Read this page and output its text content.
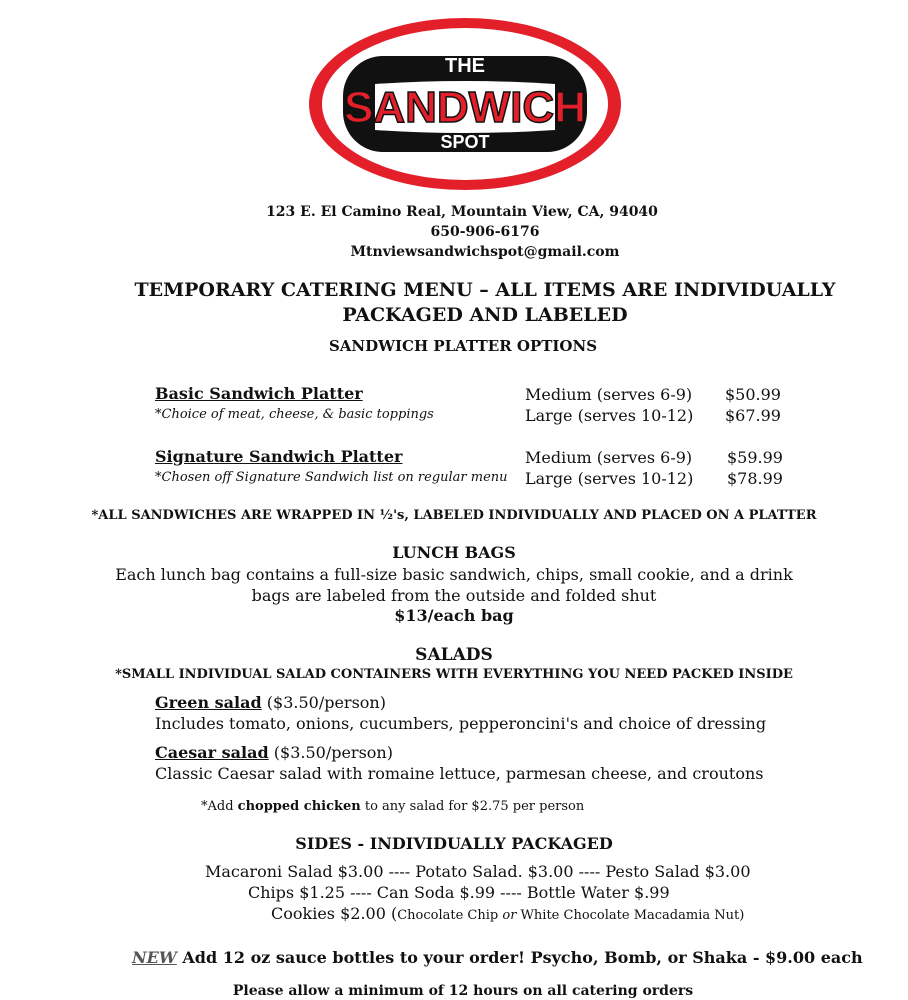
THE
SANDWICH
SPOT
123 E. El Camino Real, Mountain View, CA, 94040
650-906-6176
Mtnviewsandwichspot@gmail.com
TEMPORARY CATERING MENU – ALL ITEMS ARE INDIVIDUALLY
PACKAGED AND LABELED
SANDWICH PLATTER OPTIONS
Basic Sandwich Platter
*Choice of meat, cheese, & basic toppings
Medium (serves 6-9) $50.99
Large (serves 10-12) $67.99
Signature Sandwich Platter
*Chosen off Signature Sandwich list on regular menu
Medium (serves 6-9) $59.99
Large (serves 10-12) $78.99
*ALL SANDWICHES ARE WRAPPED IN ½'s, LABELED INDIVIDUALLY AND PLACED ON A PLATTER
LUNCH BAGS
Each lunch bag contains a full-size basic sandwich, chips, small cookie, and a drink
bags are labeled from the outside and folded shut
$13/each bag
SALADS
*SMALL INDIVIDUAL SALAD CONTAINERS WITH EVERYTHING YOU NEED PACKED INSIDE
Green salad ($3.50/person)
Includes tomato, onions, cucumbers, pepperoncini's and choice of dressing
Caesar salad ($3.50/person)
Classic Caesar salad with romaine lettuce, parmesan cheese, and croutons
*Add chopped chicken to any salad for $2.75 per person
SIDES - INDIVIDUALLY PACKAGED
Macaroni Salad $3.00 ---- Potato Salad. $3.00 ---- Pesto Salad $3.00
Chips $1.25 ---- Can Soda $.99 ---- Bottle Water $.99
Cookies $2.00 (Chocolate Chip or White Chocolate Macadamia Nut)
NEW Add 12 oz sauce bottles to your order! Psycho, Bomb, or Shaka - $9.00 each
Please allow a minimum of 12 hours on all catering orders
